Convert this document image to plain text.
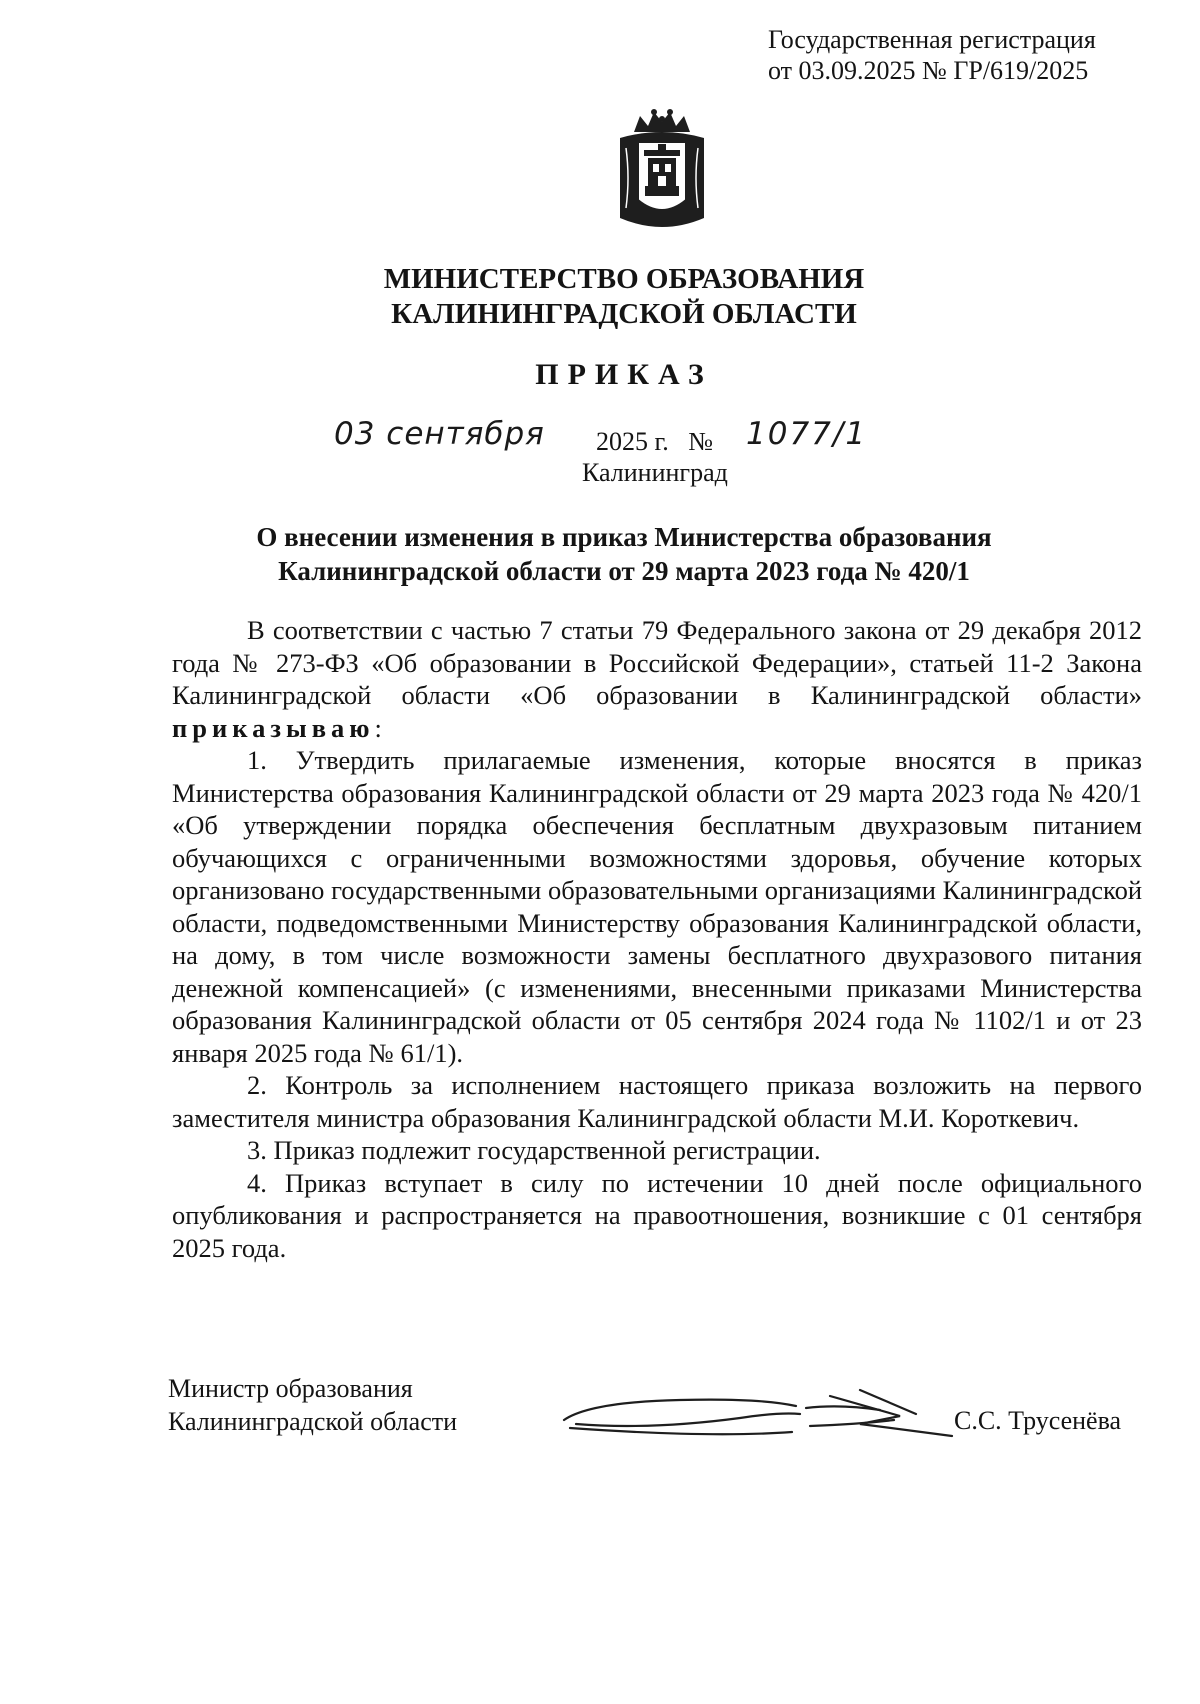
Государственная регистрация
от 03.09.2025 № ГР/619/2025
МИНИСТЕРСТВО ОБРАЗОВАНИЯ
КАЛИНИНГРАДСКОЙ ОБЛАСТИ
ПРИКАЗ
03 сентября 2025 г.   № 1077/1
Калининград
О внесении изменения в приказ Министерства образования
Калининградской области от 29 марта 2023 года № 420/1

В соответствии с частью 7 статьи 79 Федерального закона от 29 декабря 2012 года № 273-ФЗ «Об образовании в Российской Федерации», статьей 11-2 Закона Калининградской области «Об образовании в Калининградской области» приказываю:

1. Утвердить прилагаемые изменения, которые вносятся в приказ Министерства образования Калининградской области от 29 марта 2023 года № 420/1 «Об утверждении порядка обеспечения бесплатным двухразовым питанием обучающихся с ограниченными возможностями здоровья, обучение которых организовано государственными образовательными организациями Калининградской области, подведомственными Министерству образования Калининградской области, на дому, в том числе возможности замены бесплатного двухразового питания денежной компенсацией» (с изменениями, внесенными приказами Министерства образования Калининградской области от 05 сентября 2024 года № 1102/1 и от 23 января 2025 года № 61/1).

2. Контроль за исполнением настоящего приказа возложить на первого заместителя министра образования Калининградской области М.И. Короткевич.

3. Приказ подлежит государственной регистрации.

4. Приказ вступает в силу по истечении 10 дней после официального опубликования и распространяется на правоотношения, возникшие с 01 сентября 2025 года.

Министр образования
Калининградской области	С.С. Трусенёва
